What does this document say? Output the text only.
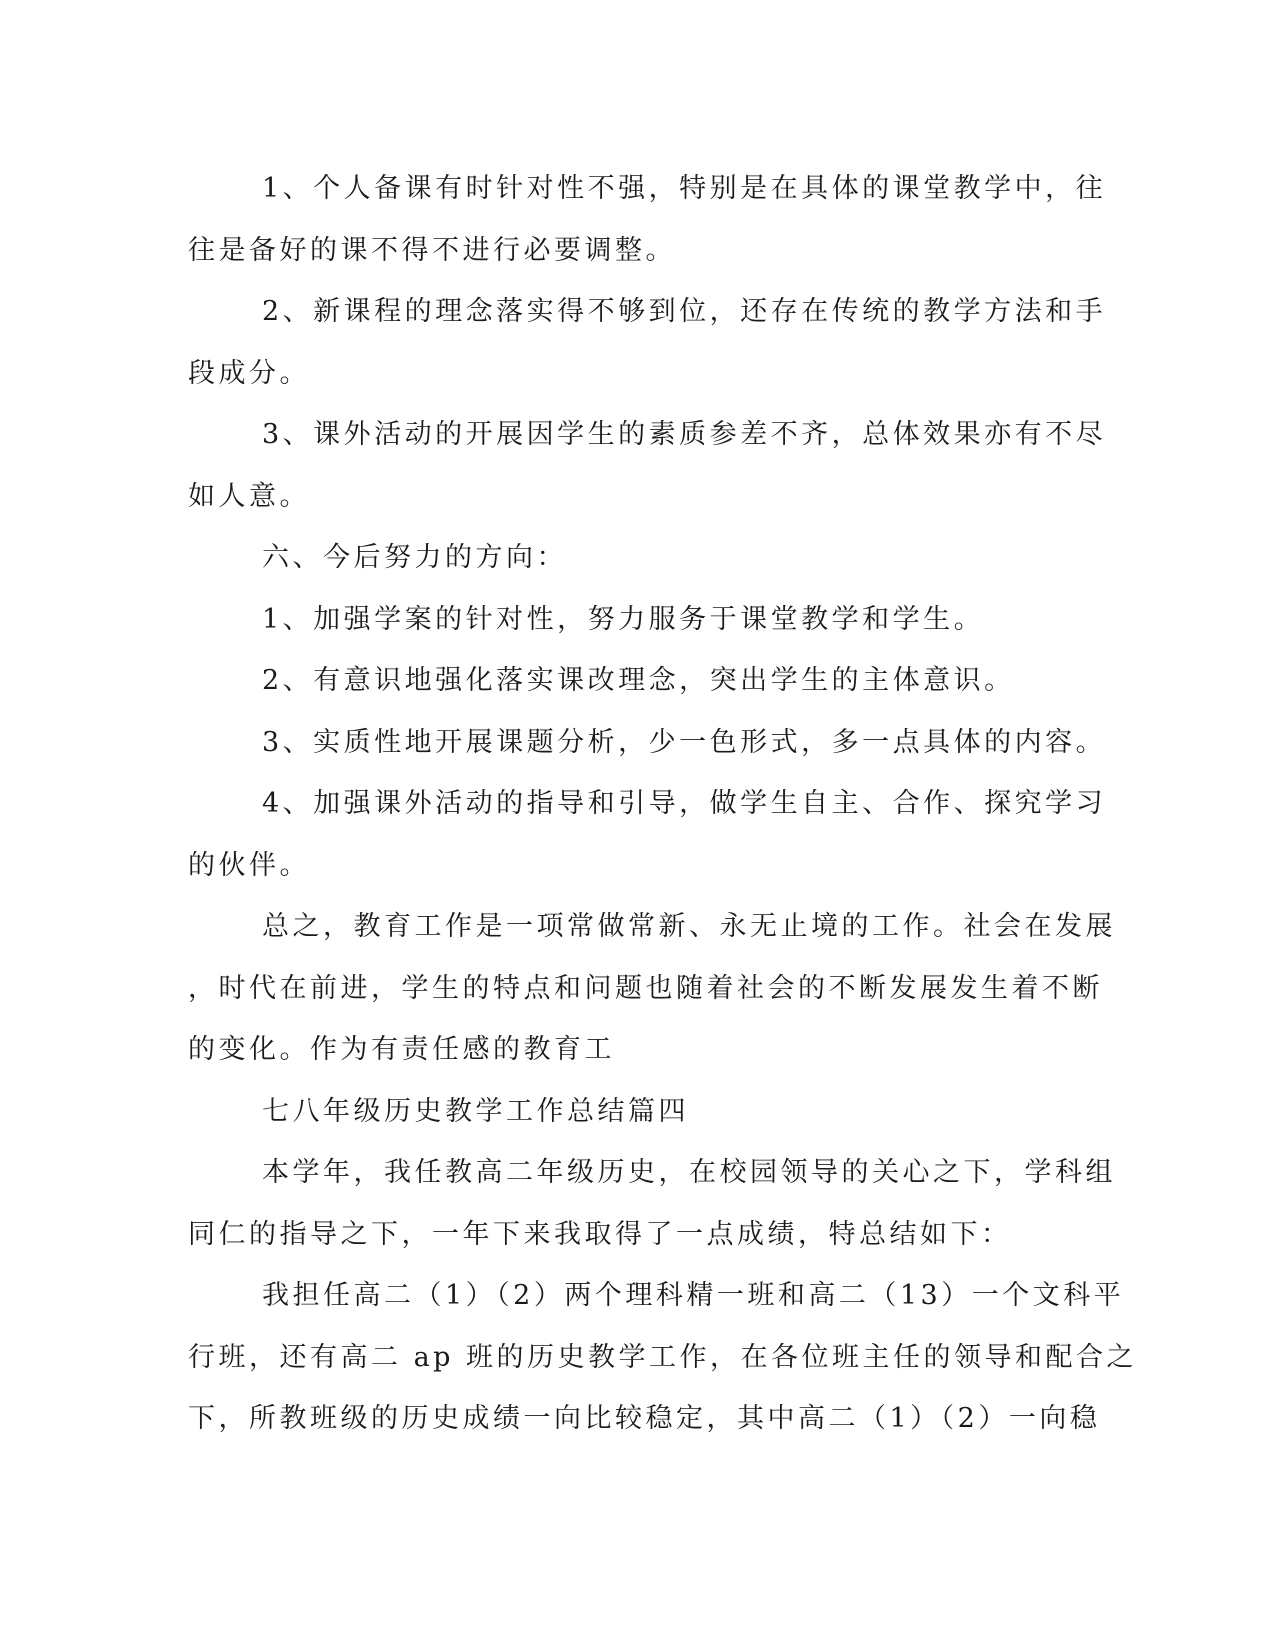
1、个人备课有时针对性不强，特别是在具体的课堂教学中，往
往是备好的课不得不进行必要调整。
2、新课程的理念落实得不够到位，还存在传统的教学方法和手
段成分。
3、课外活动的开展因学生的素质参差不齐，总体效果亦有不尽
如人意。
六、今后努力的方向：
1、加强学案的针对性，努力服务于课堂教学和学生。
2、有意识地强化落实课改理念，突出学生的主体意识。
3、实质性地开展课题分析，少一色形式，多一点具体的内容。
4、加强课外活动的指导和引导，做学生自主、合作、探究学习
的伙伴。
总之，教育工作是一项常做常新、永无止境的工作。社会在发展
，时代在前进，学生的特点和问题也随着社会的不断发展发生着不断
的变化。作为有责任感的教育工
七八年级历史教学工作总结篇四
本学年，我任教高二年级历史，在校园领导的关心之下，学科组
同仁的指导之下，一年下来我取得了一点成绩，特总结如下：
我担任高二（1）（2）两个理科精一班和高二（13）一个文科平
行班，还有高二 ap 班的历史教学工作，在各位班主任的领导和配合之
下，所教班级的历史成绩一向比较稳定，其中高二（1）（2）一向稳
